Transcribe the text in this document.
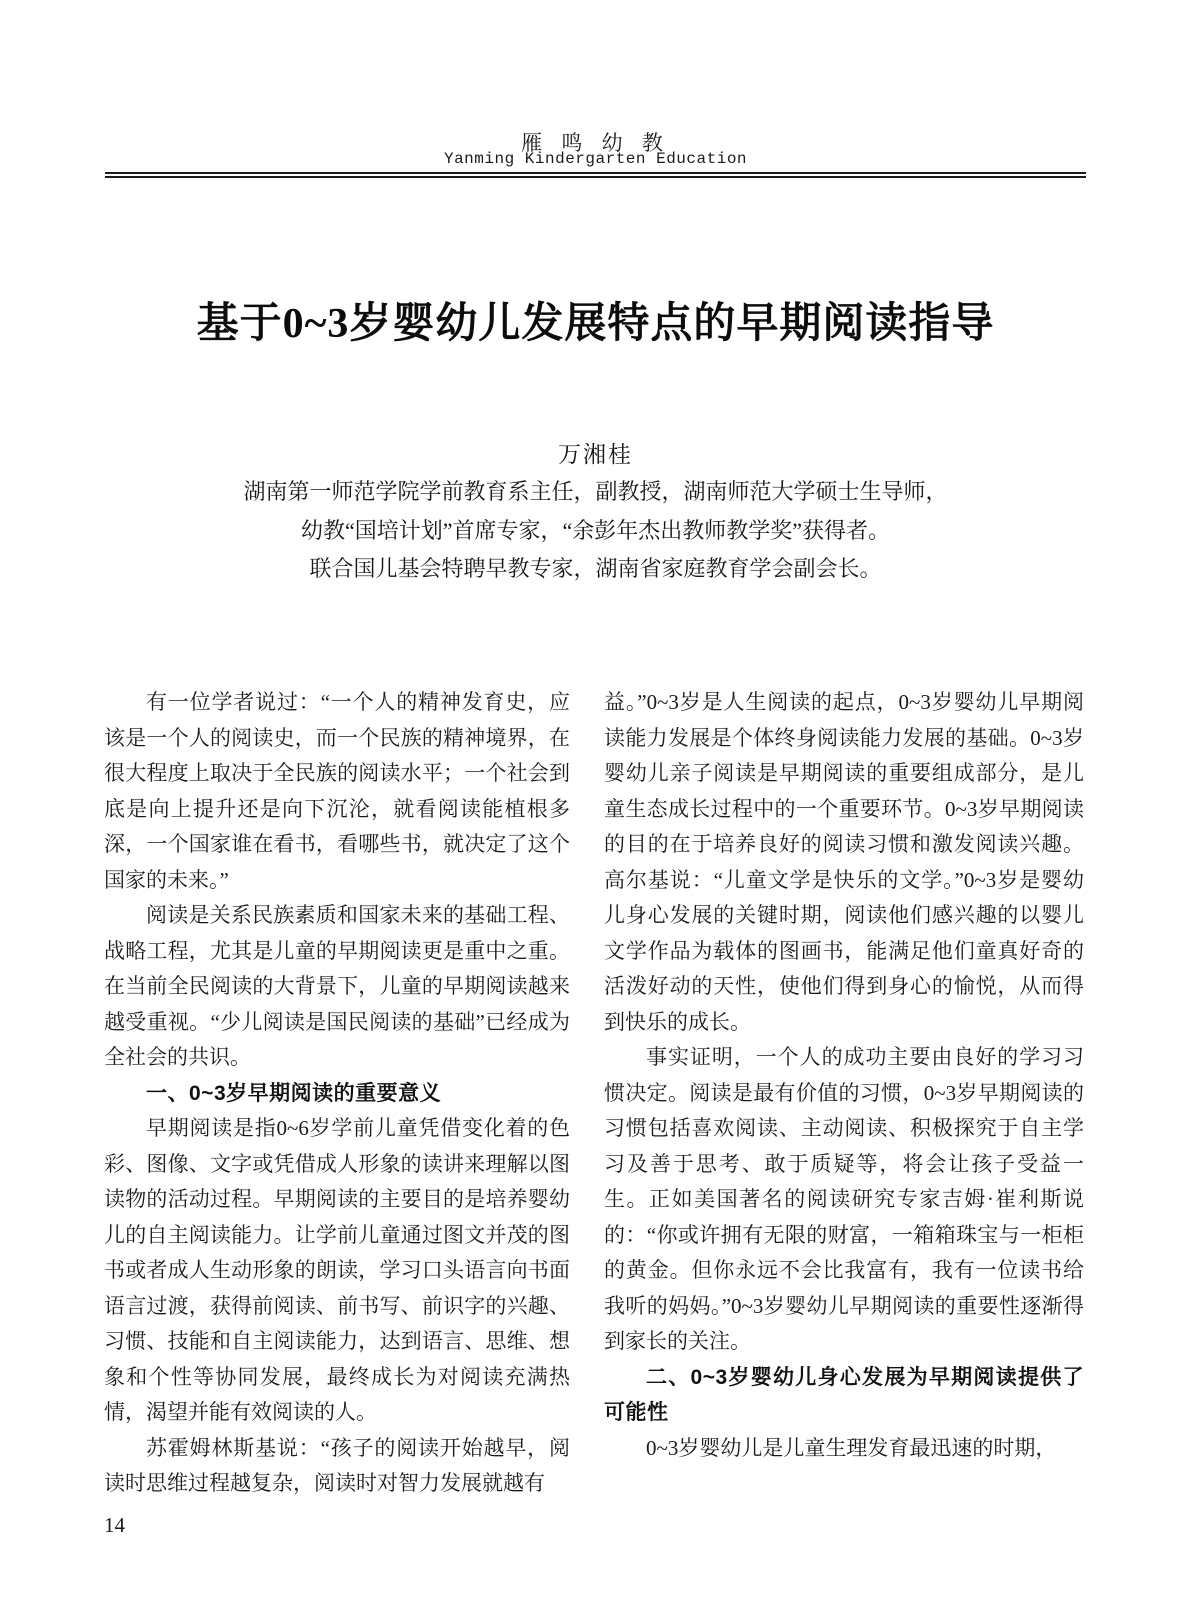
雁 鸣 幼 教
Yanming Kindergarten Education
基于0~3岁婴幼儿发展特点的早期阅读指导
万湘桂
湖南第一师范学院学前教育系主任，副教授，湖南师范大学硕士生导师，
幼教“国培计划”首席专家，“余彭年杰出教师教学奖”获得者。
联合国儿基会特聘早教专家，湖南省家庭教育学会副会长。

有一位学者说过：“一个人的精神发育史，应该是一个人的阅读史，而一个民族的精神境界，在很大程度上取决于全民族的阅读水平；一个社会到底是向上提升还是向下沉沦，就看阅读能植根多深，一个国家谁在看书，看哪些书，就决定了这个国家的未来。”

阅读是关系民族素质和国家未来的基础工程、战略工程，尤其是儿童的早期阅读更是重中之重。在当前全民阅读的大背景下，儿童的早期阅读越来越受重视。“少儿阅读是国民阅读的基础”已经成为全社会的共识。

一、0~3岁早期阅读的重要意义

早期阅读是指0~6岁学前儿童凭借变化着的色彩、图像、文字或凭借成人形象的读讲来理解以图读物的活动过程。早期阅读的主要目的是培养婴幼儿的自主阅读能力。让学前儿童通过图文并茂的图书或者成人生动形象的朗读，学习口头语言向书面语言过渡，获得前阅读、前书写、前识字的兴趣、习惯、技能和自主阅读能力，达到语言、思维、想象和个性等协同发展，最终成长为对阅读充满热情，渴望并能有效阅读的人。

苏霍姆林斯基说：“孩子的阅读开始越早，阅读时思维过程越复杂，阅读时对智力发展就越有

益。”0~3岁是人生阅读的起点，0~3岁婴幼儿早期阅读能力发展是个体终身阅读能力发展的基础。0~3岁婴幼儿亲子阅读是早期阅读的重要组成部分，是儿童生态成长过程中的一个重要环节。0~3岁早期阅读的目的在于培养良好的阅读习惯和激发阅读兴趣。高尔基说：“儿童文学是快乐的文学。”0~3岁是婴幼儿身心发展的关键时期，阅读他们感兴趣的以婴儿文学作品为载体的图画书，能满足他们童真好奇的活泼好动的天性，使他们得到身心的愉悦，从而得到快乐的成长。

事实证明，一个人的成功主要由良好的学习习惯决定。阅读是最有价值的习惯，0~3岁早期阅读的习惯包括喜欢阅读、主动阅读、积极探究于自主学习及善于思考、敢于质疑等，将会让孩子受益一生。正如美国著名的阅读研究专家吉姆·崔利斯说的：“你或许拥有无限的财富，一箱箱珠宝与一柜柜的黄金。但你永远不会比我富有，我有一位读书给我听的妈妈。”0~3岁婴幼儿早期阅读的重要性逐渐得到家长的关注。

二、0~3岁婴幼儿身心发展为早期阅读提供了可能性

0~3岁婴幼儿是儿童生理发育最迅速的时期，

14
